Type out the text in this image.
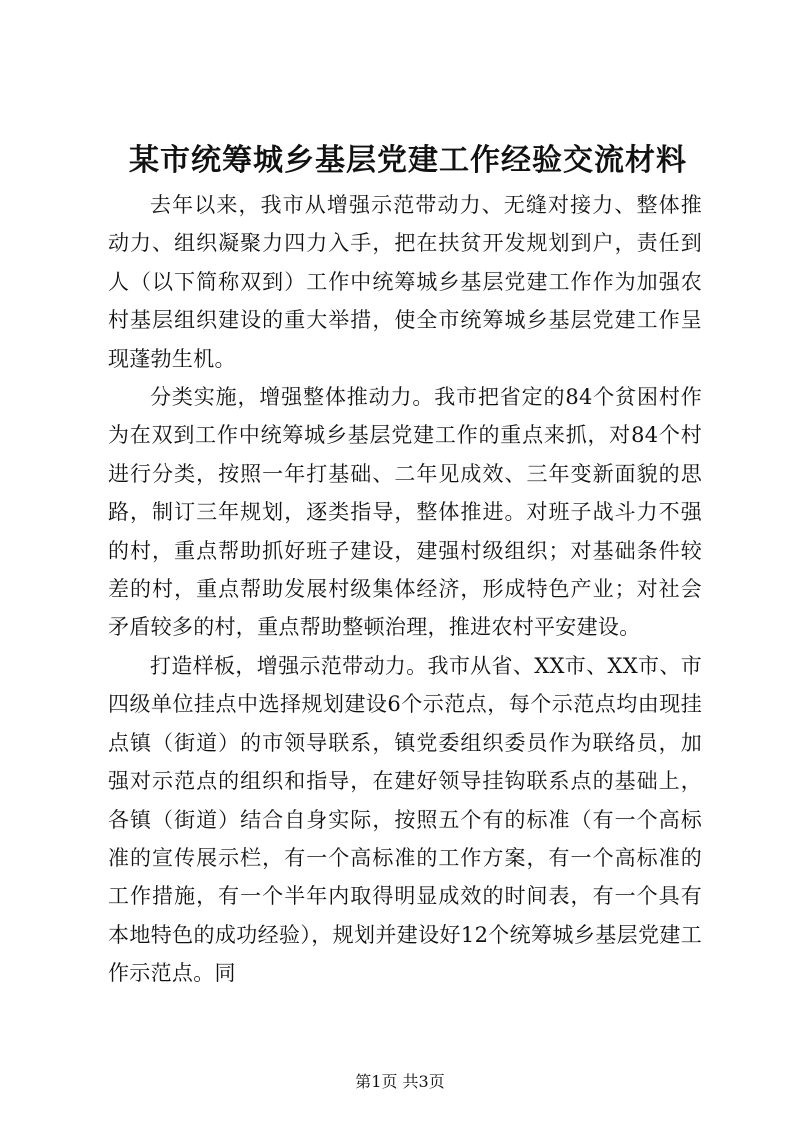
某市统筹城乡基层党建工作经验交流材料

去年以来，我市从增强示范带动力、无缝对接力、整体推动力、组织凝聚力四力入手，把在扶贫开发规划到户，责任到人（以下简称双到）工作中统筹城乡基层党建工作作为加强农村基层组织建设的重大举措，使全市统筹城乡基层党建工作呈现蓬勃生机。

分类实施，增强整体推动力。我市把省定的84个贫困村作为在双到工作中统筹城乡基层党建工作的重点来抓，对84个村进行分类，按照一年打基础、二年见成效、三年变新面貌的思路，制订三年规划，逐类指导，整体推进。对班子战斗力不强的村，重点帮助抓好班子建设，建强村级组织；对基础条件较差的村，重点帮助发展村级集体经济，形成特色产业；对社会矛盾较多的村，重点帮助整顿治理，推进农村平安建设。

打造样板，增强示范带动力。我市从省、XX市、XX市、市四级单位挂点中选择规划建设6个示范点，每个示范点均由现挂点镇（街道）的市领导联系，镇党委组织委员作为联络员，加强对示范点的组织和指导，在建好领导挂钩联系点的基础上，各镇（街道）结合自身实际，按照五个有的标准（有一个高标准的宣传展示栏，有一个高标准的工作方案，有一个高标准的工作措施，有一个半年内取得明显成效的时间表，有一个具有本地特色的成功经验），规划并建设好12个统筹城乡基层党建工作示范点。同

第1页 共3页
